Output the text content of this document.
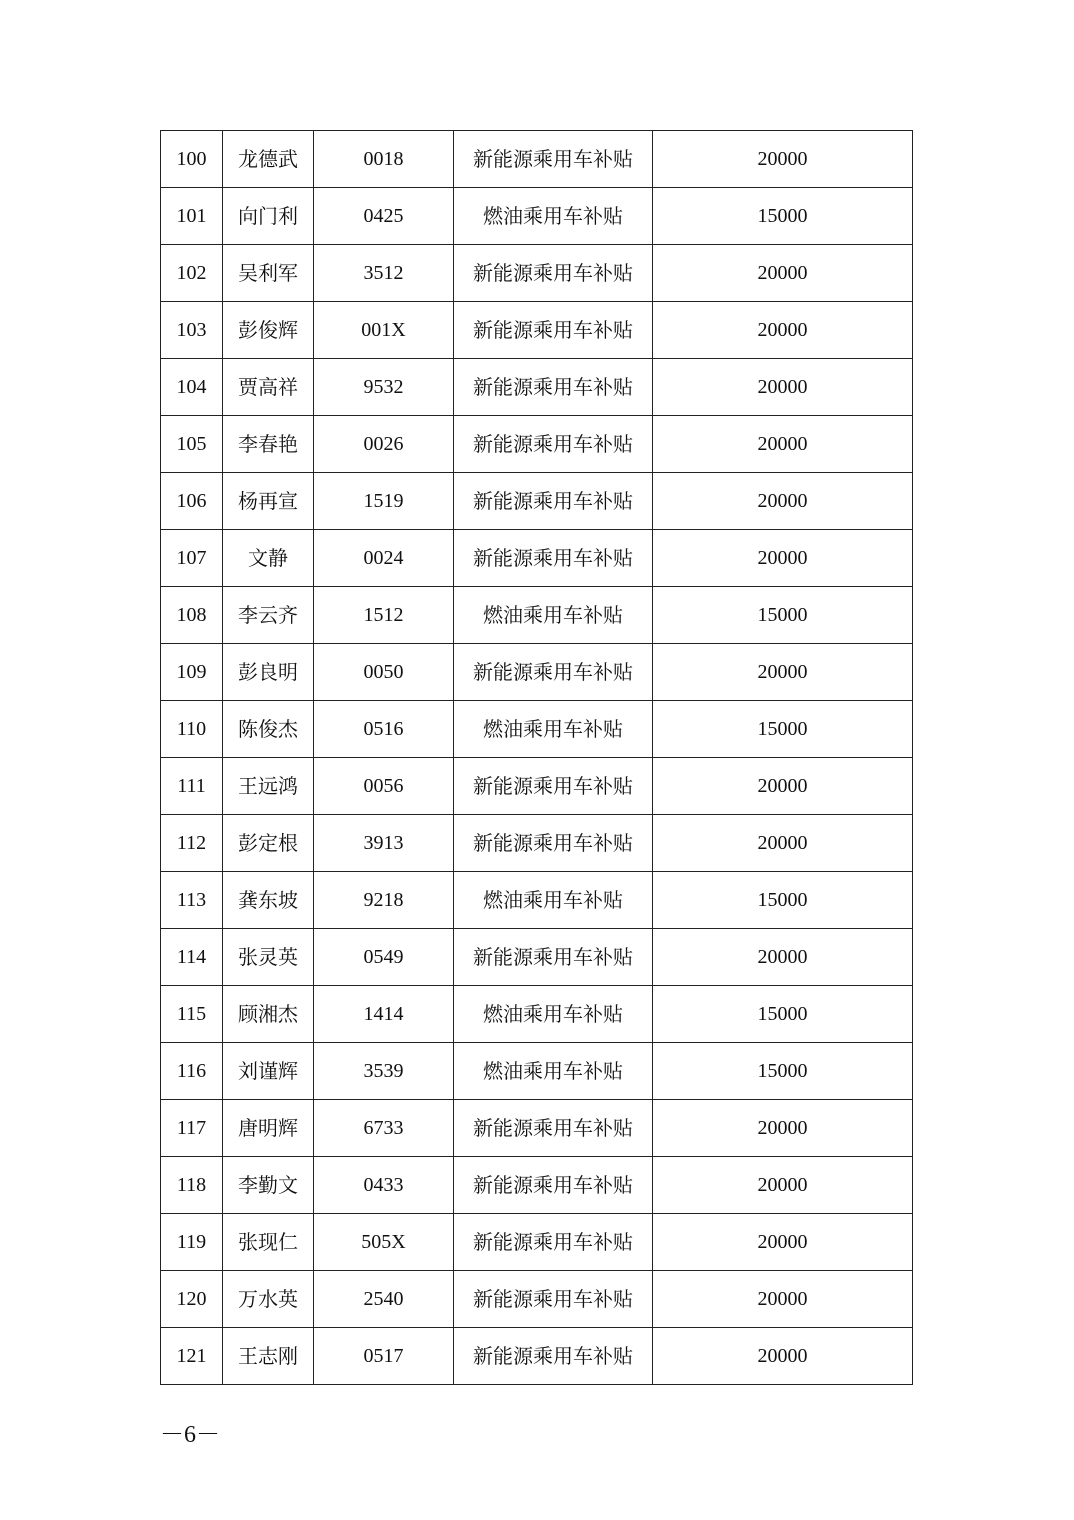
100	龙德武	0018	新能源乘用车补贴	20000
101	向门利	0425	燃油乘用车补贴	15000
102	吴利军	3512	新能源乘用车补贴	20000
103	彭俊辉	001X	新能源乘用车补贴	20000
104	贾高祥	9532	新能源乘用车补贴	20000
105	李春艳	0026	新能源乘用车补贴	20000
106	杨再宣	1519	新能源乘用车补贴	20000
107	文静	0024	新能源乘用车补贴	20000
108	李云齐	1512	燃油乘用车补贴	15000
109	彭良明	0050	新能源乘用车补贴	20000
110	陈俊杰	0516	燃油乘用车补贴	15000
111	王远鸿	0056	新能源乘用车补贴	20000
112	彭定根	3913	新能源乘用车补贴	20000
113	龚东坡	9218	燃油乘用车补贴	15000
114	张灵英	0549	新能源乘用车补贴	20000
115	顾湘杰	1414	燃油乘用车补贴	15000
116	刘谨辉	3539	燃油乘用车补贴	15000
117	唐明辉	6733	新能源乘用车补贴	20000
118	李勤文	0433	新能源乘用车补贴	20000
119	张现仁	505X	新能源乘用车补贴	20000
120	万水英	2540	新能源乘用车补贴	20000
121	王志刚	0517	新能源乘用车补贴	20000
－6－
